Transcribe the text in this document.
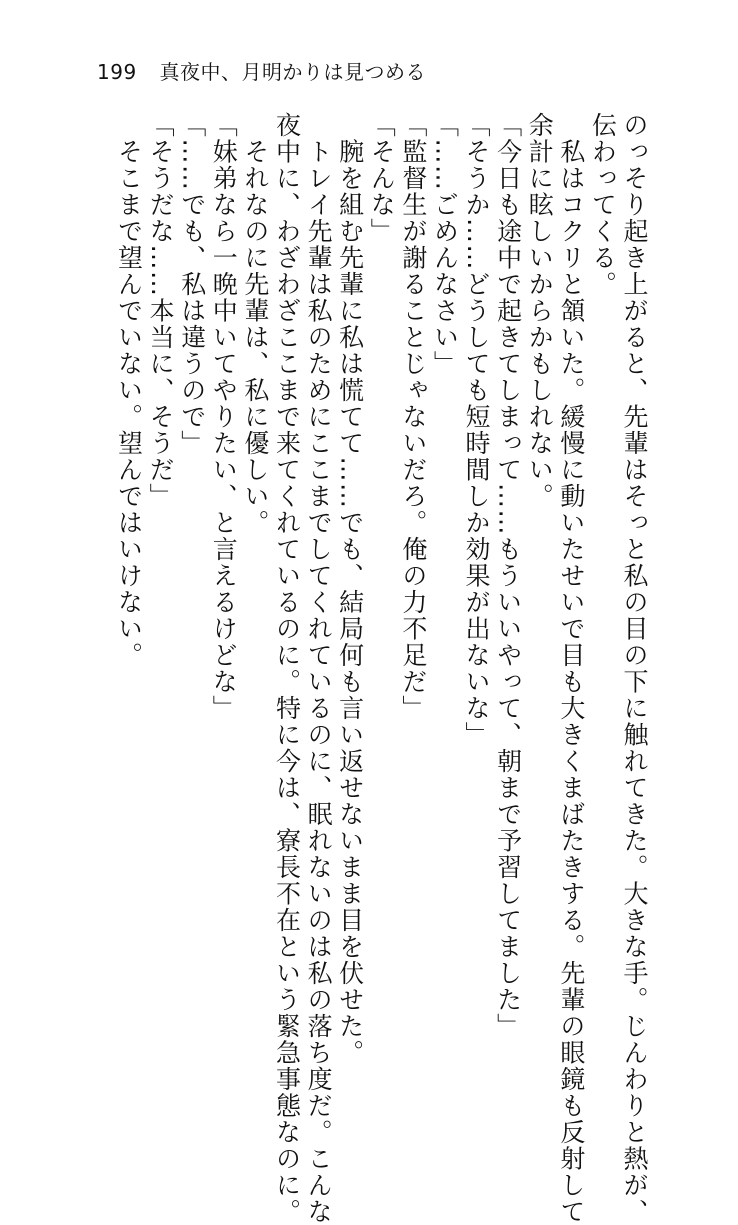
199 真夜中、月明かりは見つめる
のっそり起き上がると、先輩はそっと私の目の下に触れてきた。大きな手。じんわりと熱が、
伝わってくる。
　私はコクリと頷いた。緩慢に動いたせいで目も大きくまばたきする。先輩の眼鏡も反射して
余計に眩しいからかもしれない。
「今日も途中で起きてしまって……もういいやって、朝まで予習してました」
「そうか……どうしても短時間しか効果が出ないな」
「……ごめんなさい」
「監督生が謝ることじゃないだろ。俺の力不足だ」
「そんな」
　腕を組む先輩に私は慌てて……でも、結局何も言い返せないまま目を伏せた。
　トレイ先輩は私のためにここまでしてくれているのに、眠れないのは私の落ち度だ。こんな
夜中に、わざわざここまで来てくれているのに。特に今は、寮長不在という緊急事態なのに。
　それなのに先輩は、私に優しい。
「妹弟なら一晩中いてやりたい、と言えるけどな」
「……でも、私は違うので」
「そうだな……本当に、そうだ」
　そこまで望んでいない。望んではいけない。
